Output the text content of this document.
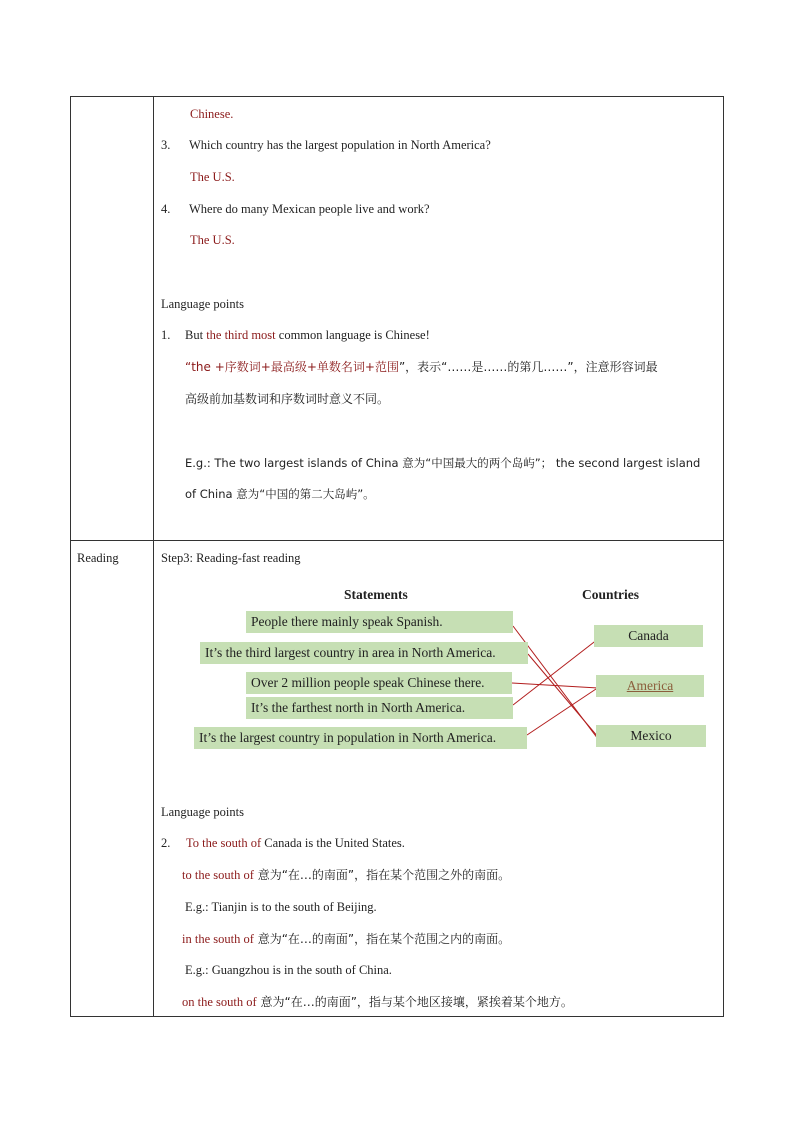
Chinese.
3. Which country has the largest population in North America?
The U.S.
4. Where do many Mexican people live and work?
The U.S.
Language points
1. But the third most common language is Chinese!
“the +序数词+最高级+单数名词+范围”，表示“……是……的第几……”，注意形容词最
高级前加基数词和序数词时意义不同。
E.g.: The two largest islands of China 意为“中国最大的两个岛屿”； the second largest island
of China 意为“中国的第二大岛屿”。
Reading	Step3: Reading-fast reading
Statements	Countries
People there mainly speak Spanish.
It’s the third largest country in area in North America.
Over 2 million people speak Chinese there.
It’s the farthest north in North America.
It’s the largest country in population in North America.
Canada
America
Mexico
Language points
2. To the south of Canada is the United States.
to the south of 意为“在…的南面”，指在某个范围之外的南面。
E.g.: Tianjin is to the south of Beijing.
in the south of 意为“在…的南面”，指在某个范围之内的南面。
E.g.: Guangzhou is in the south of China.
on the south of 意为“在…的南面”，指与某个地区接壤，紧挨着某个地方。
